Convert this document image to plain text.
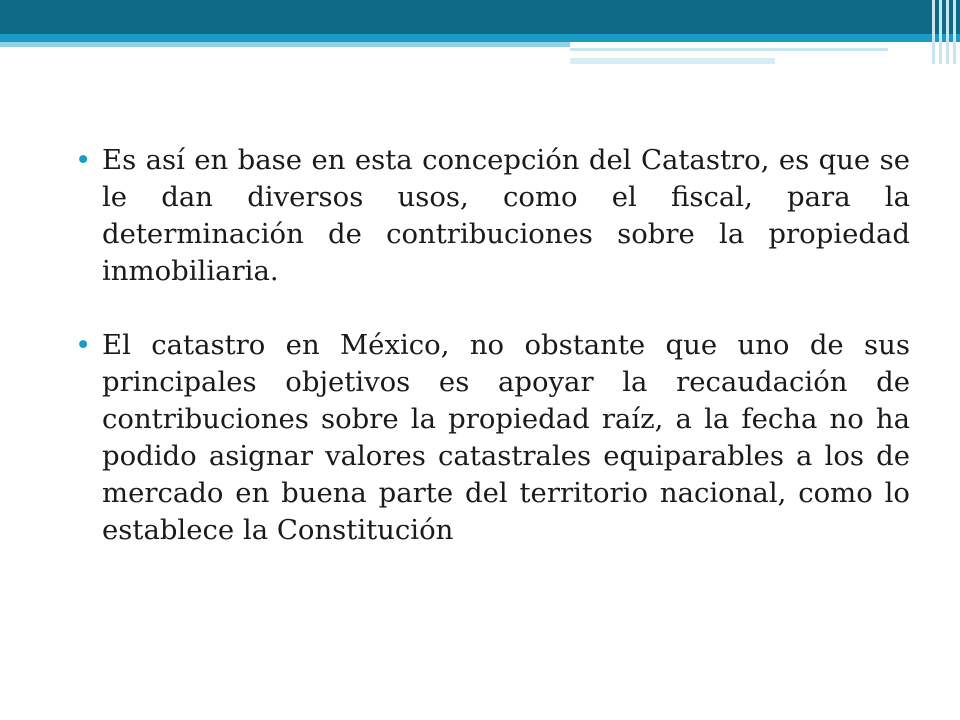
• Es así en base en esta concepción del Catastro, es que se le dan diversos usos, como el fiscal, para la determinación de contribuciones sobre la propiedad inmobiliaria.
• El catastro en México, no obstante que uno de sus principales objetivos es apoyar la recaudación de contribuciones sobre la propiedad raíz, a la fecha no ha podido asignar valores catastrales equiparables a los de mercado en buena parte del territorio nacional, como lo establece la Constitución
